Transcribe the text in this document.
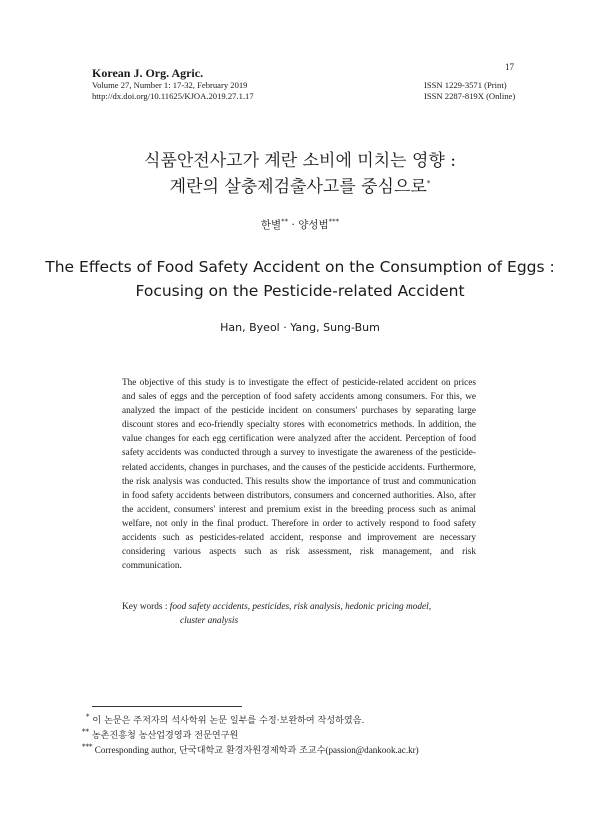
Korean J. Org. Agric.
Volume 27, Number 1: 17-32, February 2019
http://dx.doi.org/10.11625/KJOA.2019.27.1.17
17
ISSN 1229-3571 (Print)
ISSN 2287-819X (Online)
식품안전사고가 계란 소비에 미치는 영향 :
계란의 살충제검출사고를 중심으로*
한별** · 양성범***
The Effects of Food Safety Accident on the Consumption of Eggs :
Focusing on the Pesticide-related Accident
Han, Byeol · Yang, Sung-Bum

The objective of this study is to investigate the effect of pesticide-related accident on prices and sales of eggs and the perception of food safety accidents among consumers. For this, we analyzed the impact of the pesticide incident on consumers' purchases by separating large discount stores and eco-friendly specialty stores with econometrics methods. In addition, the value changes for each egg certification were analyzed after the accident. Perception of food safety accidents was conducted through a survey to investigate the awareness of the pesticide-related accidents, changes in purchases, and the causes of the pesticide accidents. Furthermore, the risk analysis was conducted. This results show the importance of trust and communication in food safety accidents between distributors, consumers and concerned authorities. Also, after the accident, consumers' interest and premium exist in the breeding process such as animal welfare, not only in the final product. Therefore in order to actively respond to food safety accidents such as pesticides-related accident, response and improvement are necessary considering various aspects such as risk assessment, risk management, and risk communication.

Key words : food safety accidents, pesticides, risk analysis, hedonic pricing model,
cluster analysis
* 이 논문은 주저자의 석사학위 논문 일부를 수정·보완하여 작성하였음.
** 농촌진흥청 농산업경영과 전문연구원
*** Corresponding author, 단국대학교 환경자원경제학과 조교수(passion@dankook.ac.kr)
